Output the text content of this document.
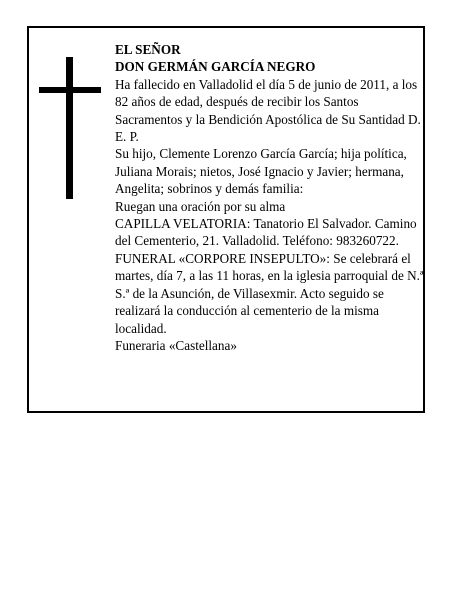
EL SEÑOR

DON GERMÁN GARCÍA NEGRO

Ha fallecido en Valladolid el día 5 de junio de 2011, a los 82 años de edad, después de recibir los Santos Sacramentos y la Bendición Apostólica de Su Santidad D. E. P.

Su hijo, Clemente Lorenzo García García; hija política, Juliana Morais; nietos, José Ignacio y Javier; hermana, Angelita; sobrinos y demás familia:

Ruegan una oración por su alma

CAPILLA VELATORIA: Tanatorio El Salvador. Camino del Cementerio, 21. Valladolid. Teléfono: 983260722.

FUNERAL «CORPORE INSEPULTO»: Se celebrará el martes, día 7, a las 11 horas, en la iglesia parroquial de N.ª S.ª de la Asunción, de Villasexmir. Acto seguido se realizará la conducción al cementerio de la misma localidad.

Funeraria «Castellana»
